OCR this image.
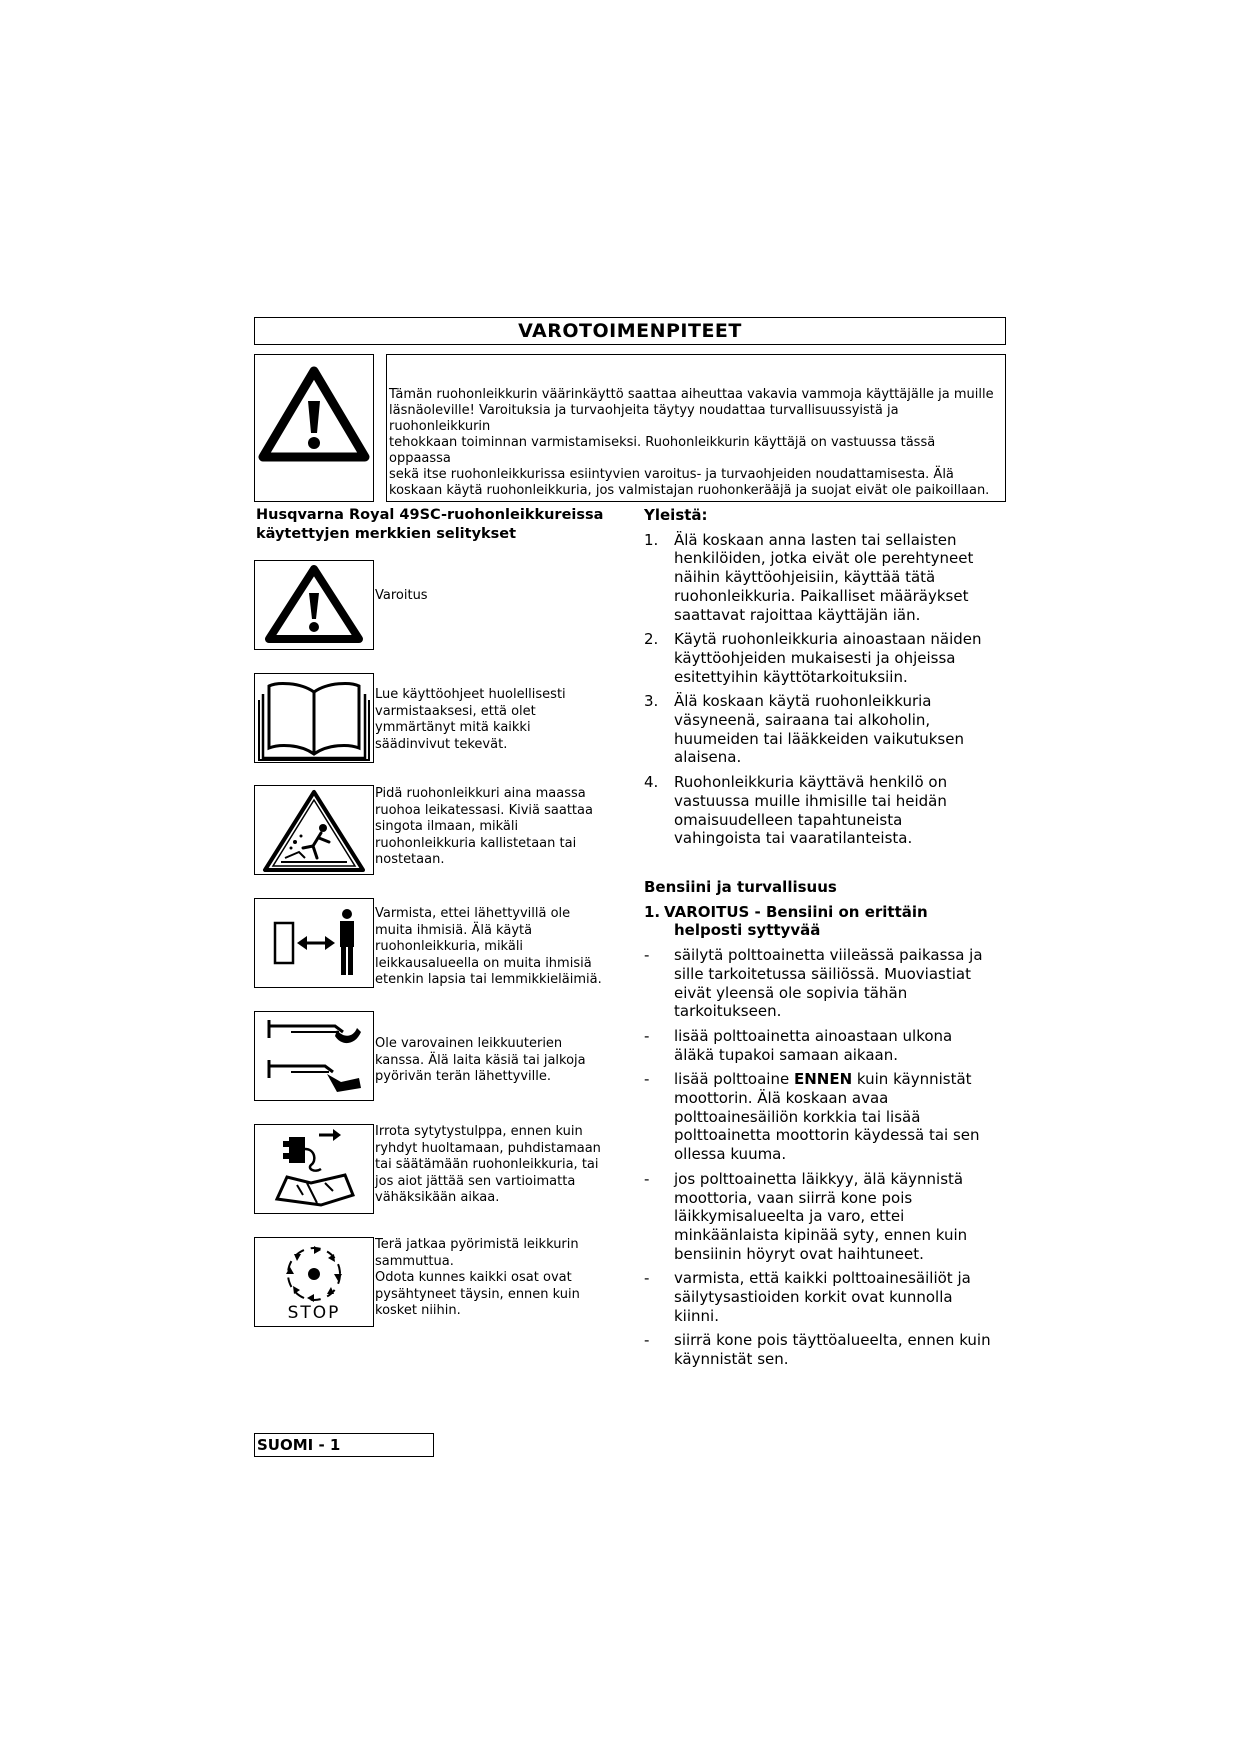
VAROTOIMENPITEET
Tämän ruohonleikkurin väärinkäyttö saattaa aiheuttaa vakavia vammoja käyttäjälle ja muille
läsnäoleville! Varoituksia ja turvaohjeita täytyy noudattaa turvallisuussyistä ja ruohonleikkurin
tehokkaan toiminnan varmistamiseksi. Ruohonleikkurin käyttäjä on vastuussa tässä oppaassa
sekä itse ruohonleikkurissa esiintyvien varoitus- ja turvaohjeiden noudattamisesta. Älä
koskaan käytä ruohonleikkuria, jos valmistajan ruohonkerääjä ja suojat eivät ole paikoillaan.
Husqvarna Royal 49SC-ruohonleikkureissa
käytettyjen merkkien selitykset
Varoitus
Lue käyttöohjeet huolellisesti
varmistaaksesi, että olet
ymmärtänyt mitä kaikki
säädinvivut tekevät.
Pidä ruohonleikkuri aina maassa
ruohoa leikatessasi. Kiviä saattaa
singota ilmaan, mikäli
ruohonleikkuria kallistetaan tai
nostetaan.
Varmista, ettei lähettyvillä ole
muita ihmisiä. Älä käytä
ruohonleikkuria, mikäli
leikkausalueella on muita ihmisiä
etenkin lapsia tai lemmikkieläimiä.
Ole varovainen leikkuuterien
kanssa. Älä laita käsiä tai jalkoja
pyörivän terän lähettyville.
Irrota sytytystulppa, ennen kuin
ryhdyt huoltamaan, puhdistamaan
tai säätämään ruohonleikkuria, tai
jos aiot jättää sen vartioimatta
vähäksikään aikaa.
STOP
Terä jatkaa pyörimistä leikkurin
sammuttua.
Odota kunnes kaikki osat ovat
pysähtyneet täysin, ennen kuin
kosket niihin.
Yleistä:
1. Älä koskaan anna lasten tai sellaisten
henkilöiden, jotka eivät ole perehtyneet
näihin käyttöohjeisiin, käyttää tätä
ruohonleikkuria. Paikalliset määräykset
saattavat rajoittaa käyttäjän iän.
2. Käytä ruohonleikkuria ainoastaan näiden
käyttöohjeiden mukaisesti ja ohjeissa
esitettyihin käyttötarkoituksiin.
3. Älä koskaan käytä ruohonleikkuria
väsyneenä, sairaana tai alkoholin,
huumeiden tai lääkkeiden vaikutuksen
alaisena.
4. Ruohonleikkuria käyttävä henkilö on
vastuussa muille ihmisille tai heidän
omaisuudelleen tapahtuneista
vahingoista tai vaaratilanteista.
Bensiini ja turvallisuus
1. VAROITUS - Bensiini on erittäin
helposti syttyvää
- säilytä polttoainetta viileässä paikassa ja
sille tarkoitetussa säiliössä. Muoviastiat
eivät yleensä ole sopivia tähän
tarkoitukseen.
- lisää polttoainetta ainoastaan ulkona
äläkä tupakoi samaan aikaan.
- lisää polttoaine ENNEN kuin käynnistät
moottorin. Älä koskaan avaa
polttoainesäiliön korkkia tai lisää
polttoainetta moottorin käydessä tai sen
ollessa kuuma.
- jos polttoainetta läikkyy, älä käynnistä
moottoria, vaan siirrä kone pois
läikkymisalueelta ja varo, ettei
minkäänlaista kipinää syty, ennen kuin
bensiinin höyryt ovat haihtuneet.
- varmista, että kaikki polttoainesäiliöt ja
säilytysastioiden korkit ovat kunnolla
kiinni.
- siirrä kone pois täyttöalueelta, ennen kuin
käynnistät sen.
SUOMI - 1
